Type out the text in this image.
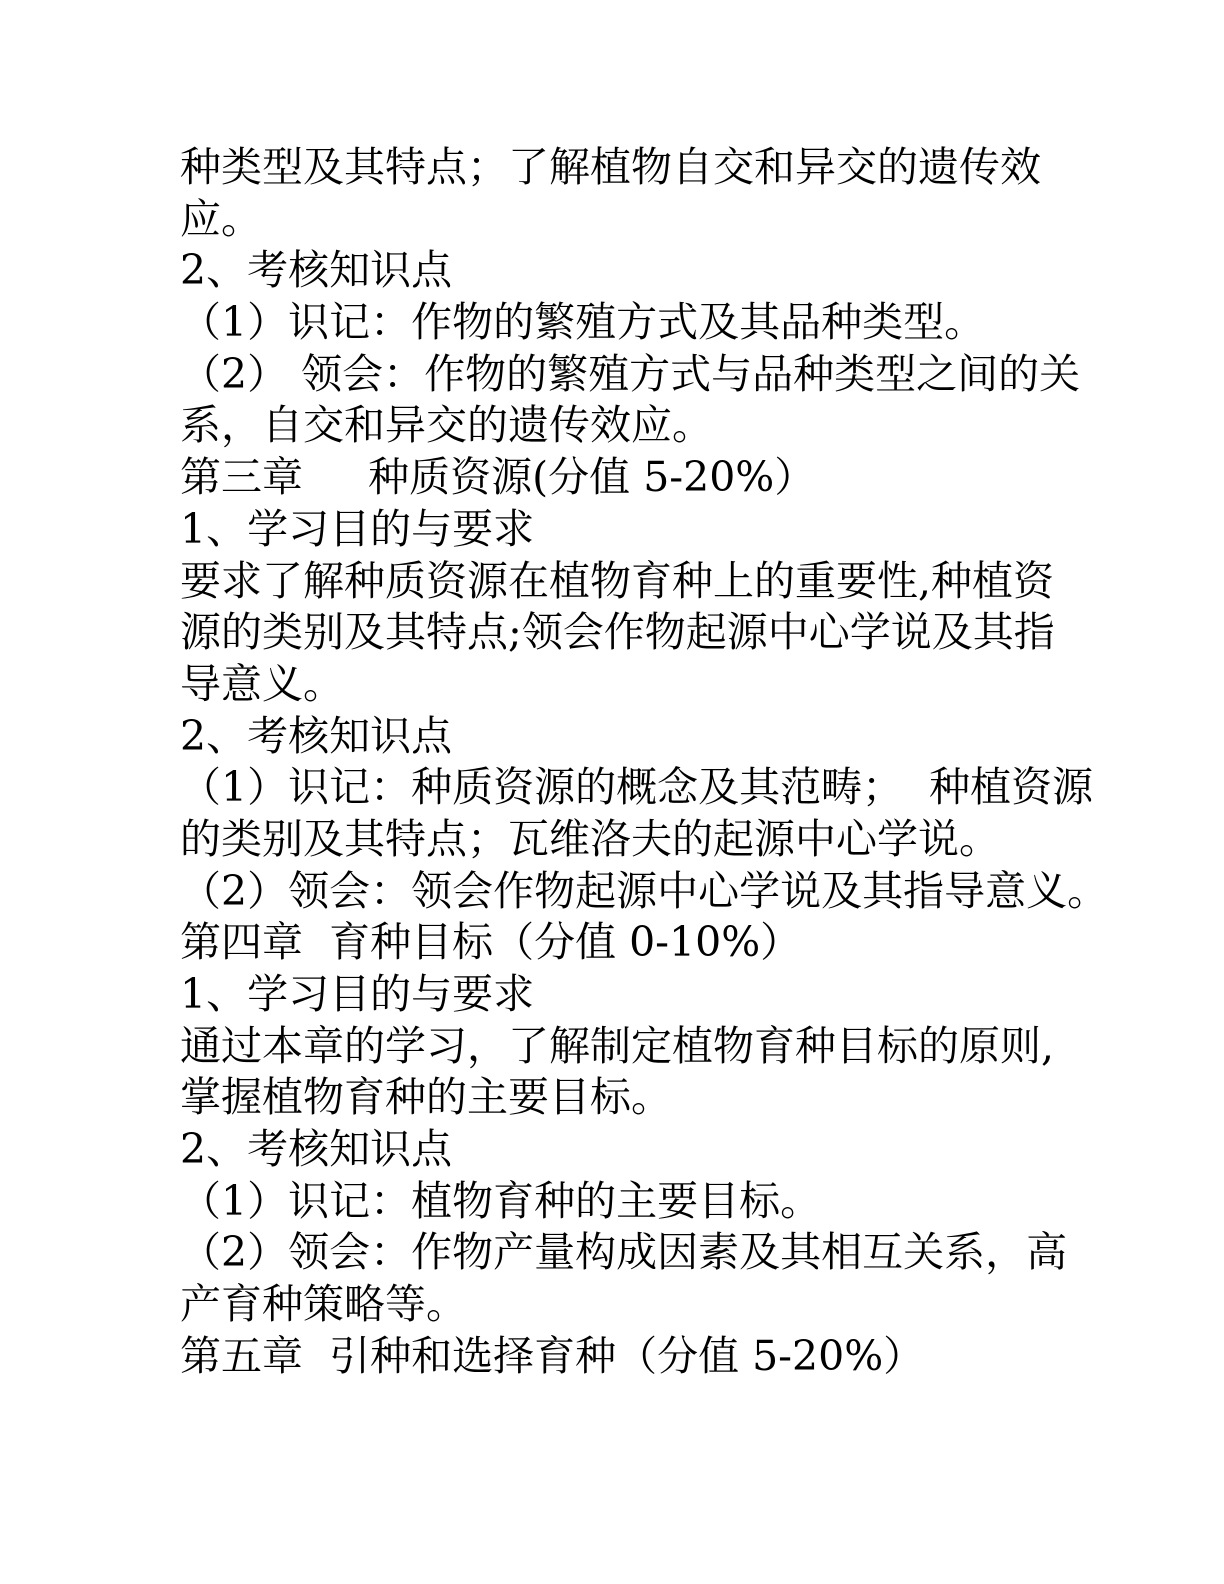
种类型及其特点；了解植物自交和异交的遗传效
应。
2、考核知识点
（1）识记：作物的繁殖方式及其品种类型。
（2） 领会：作物的繁殖方式与品种类型之间的关
系，自交和异交的遗传效应。
第三章     种质资源(分值 5-20%）
1、学习目的与要求
要求了解种质资源在植物育种上的重要性,种植资
源的类别及其特点;领会作物起源中心学说及其指
导意义。
2、考核知识点
（1）识记：种质资源的概念及其范畴；  种植资源
的类别及其特点；瓦维洛夫的起源中心学说。
（2）领会：领会作物起源中心学说及其指导意义。
第四章  育种目标（分值 0-10%）
1、学习目的与要求
通过本章的学习，了解制定植物育种目标的原则,
掌握植物育种的主要目标。
2、考核知识点
（1）识记：植物育种的主要目标。
（2）领会：作物产量构成因素及其相互关系，高
产育种策略等。
第五章  引种和选择育种（分值 5-20%）
